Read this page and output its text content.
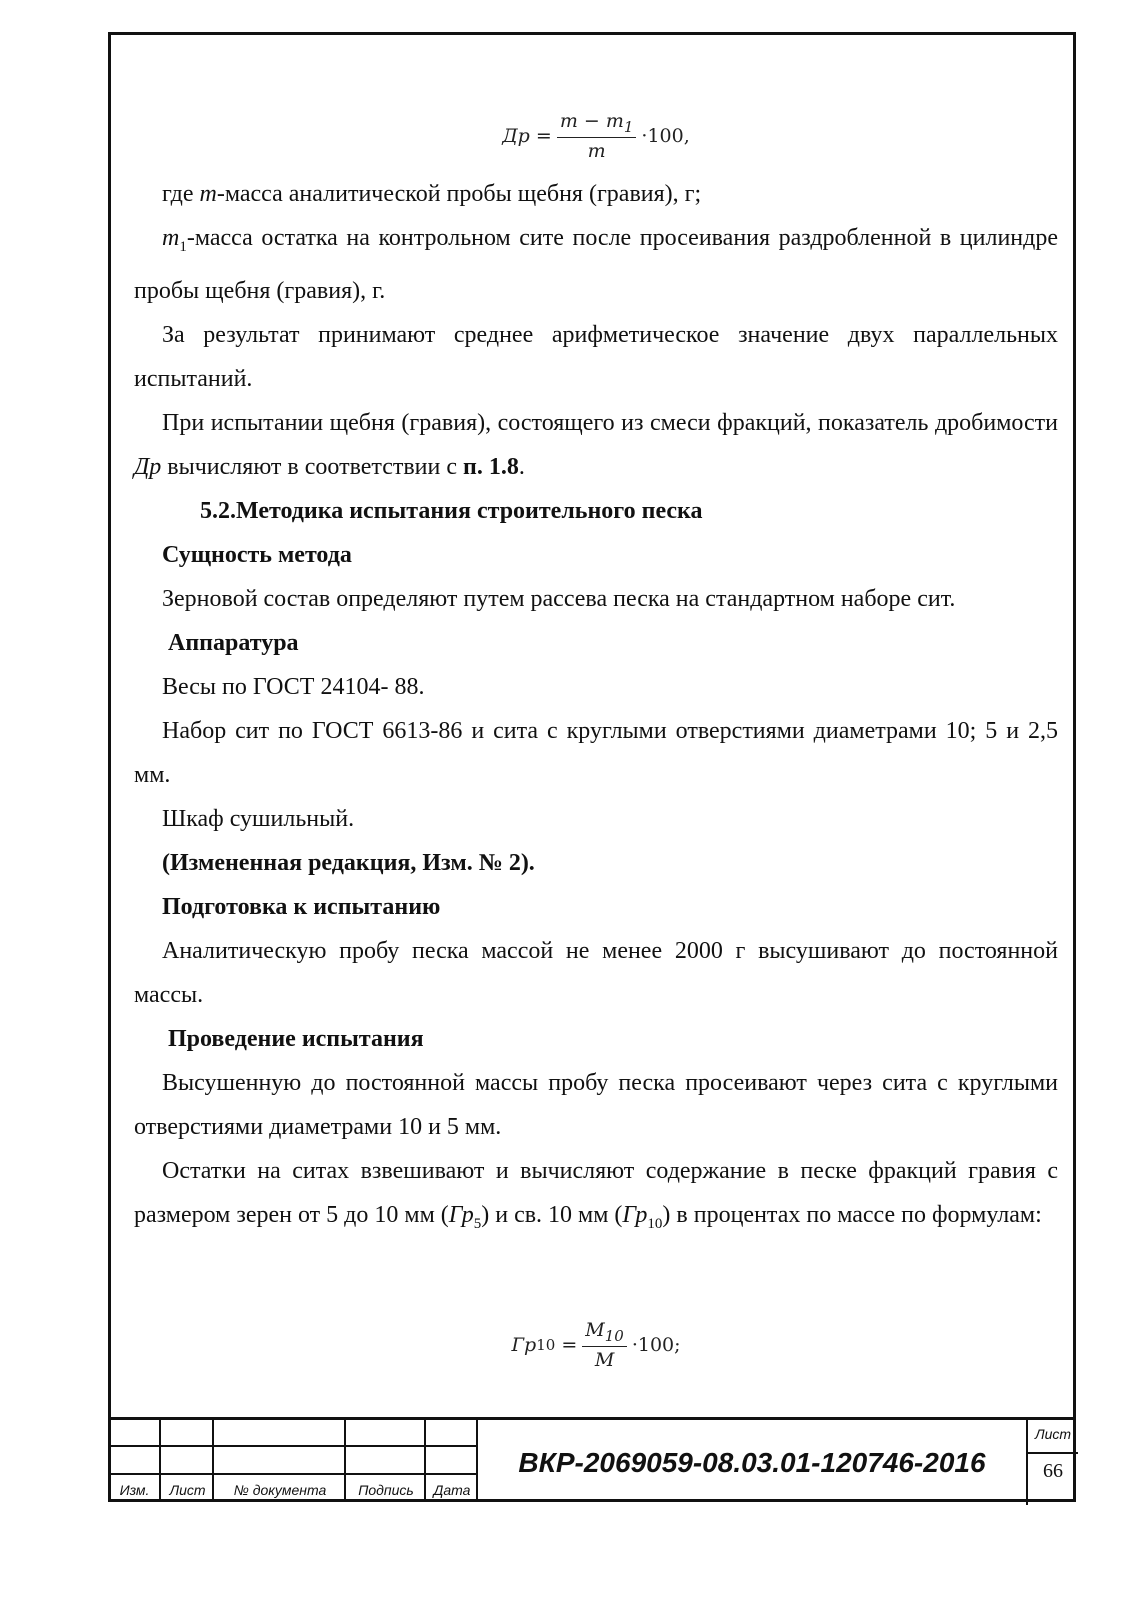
Др = $\frac{m - m_1}{m} \cdot 100$,

где m-масса аналитической пробы щебня (гравия), г;

$m_1$-масса остатка на контрольном сите после просеивания раздробленной в цилиндре пробы щебня (гравия), г.

За результат принимают среднее арифметическое значение двух параллельных испытаний.

При испытании щебня (гравия), состоящего из смеси фракций, показатель дробимости Др вычисляют в соответствии с п. 1.8.

5.2.Методика испытания строительного песка

Сущность метода

Зерновой состав определяют путем рассева песка на стандартном наборе сит.

Аппаратура

Весы по ГОСТ 24104- 88.

Набор сит по ГОСТ 6613-86 и сита с круглыми отверстиями диаметрами 10; 5 и 2,5 мм.

Шкаф сушильный.

(Измененная редакция, Изм. № 2).

Подготовка к испытанию

Аналитическую пробу песка массой не менее 2000 г высушивают до постоянной массы.

Проведение испытания

Высушенную до постоянной массы пробу песка просеивают через сита с круглыми отверстиями диаметрами 10 и 5 мм.

Остатки на ситах взвешивают и вычисляют содержание в песке фракций гравия с размером зерен от 5 до 10 мм $(Гр_5)$ и св. 10 мм $(Гр_{10})$ в процентах по массе по формулам:

Гр $10 = \frac{M_{10}}{M} \cdot 100$;
Изм.	Лист	№ документа	Подпись	Дата
ВКР-2069059-08.03.01-120746-2016
Лист
66
